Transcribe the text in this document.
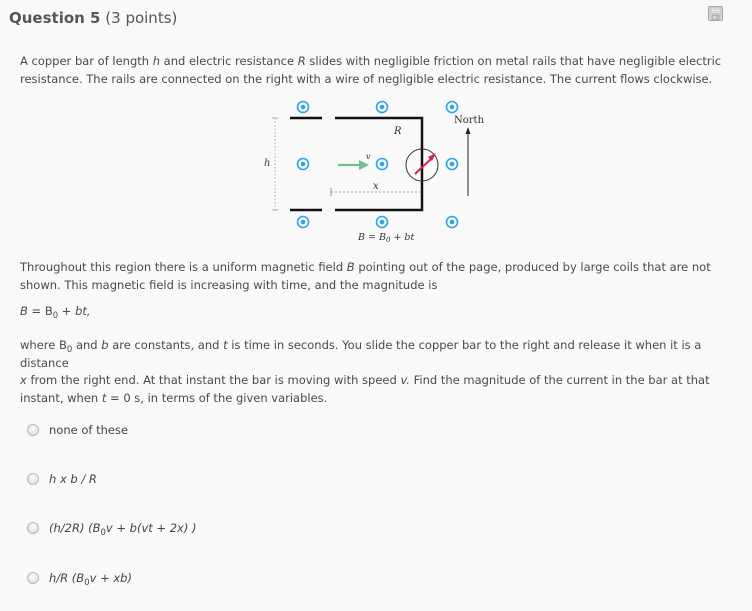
Question 5 (3 points)
A copper bar of length h and electric resistance R slides with negligible friction on metal rails that have negligible electric
resistance. The rails are connected on the right with a wire of negligible electric resistance. The current flows clockwise.
h
x
R
v
North
$B = B_0$ + bt
Throughout this region there is a uniform magnetic field B pointing out of the page, produced by large coils that are not
shown. This magnetic field is increasing with time, and the magnitude is
$B = B_0$ + bt,
where $B_0$ and b are constants, and t is time in seconds. You slide the copper bar to the right and release it when it is a distance
x from the right end. At that instant the bar is moving with speed v. Find the magnitude of the current in the bar at that
instant, when t = 0 s, in terms of the given variables.
none of these
h x b / R
(h/2R) ($B_0v + b(vt + 2x)$ )
h/R $(B_0v + xb)$
